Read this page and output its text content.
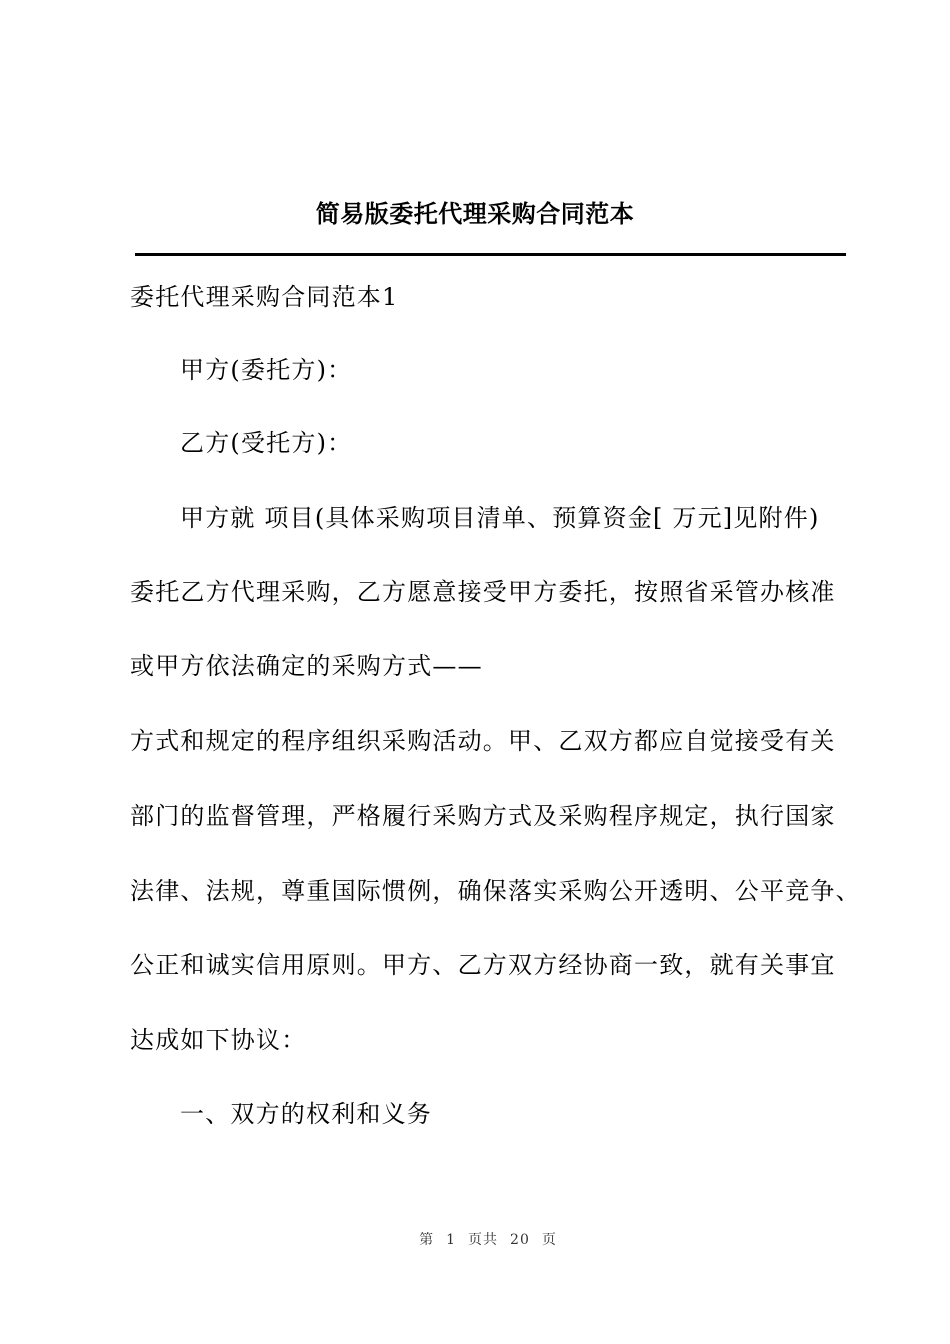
简易版委托代理采购合同范本
委托代理采购合同范本1
甲方(委托方)：
乙方(受托方)：
甲方就 项目(具体采购项目清单、预算资金[ 万元]见附件)
委托乙方代理采购，乙方愿意接受甲方委托，按照省采管办核准
或甲方依法确定的采购方式——
方式和规定的程序组织采购活动。甲、乙双方都应自觉接受有关
部门的监督管理，严格履行采购方式及采购程序规定，执行国家
法律、法规，尊重国际惯例，确保落实采购公开透明、公平竞争、
公正和诚实信用原则。甲方、乙方双方经协商一致，就有关事宜
达成如下协议：
一、双方的权利和义务
第 1 页共 20 页
